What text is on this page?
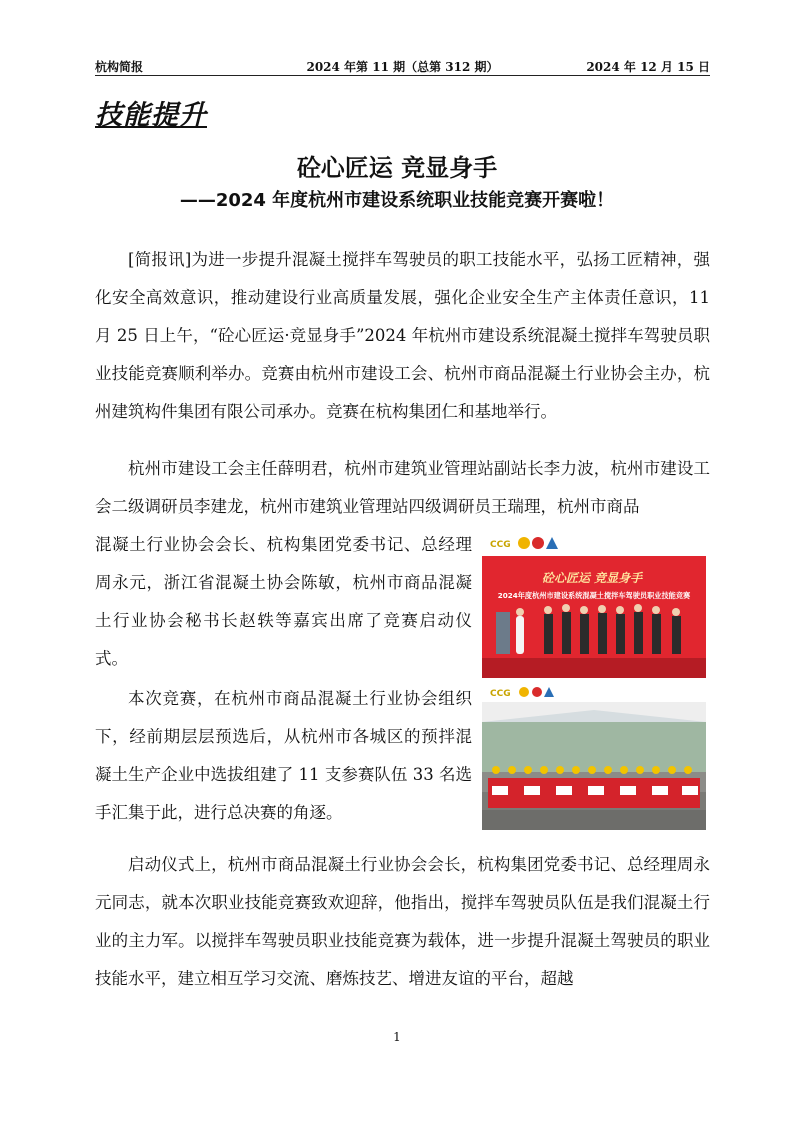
杭构简报	2024 年第 11 期（总第 312 期）	2024 年 12 月 15 日
技能提升
砼心匠运 竞显身手
——2024 年度杭州市建设系统职业技能竞赛开赛啦！

[简报讯]为进一步提升混凝土搅拌车驾驶员的职工技能水平，弘扬工匠精神，强化安全高效意识，推动建设行业高质量发展，强化企业安全生产主体责任意识，11 月 25 日上午，“砼心匠运·竞显身手”2024 年杭州市建设系统混凝土搅拌车驾驶员职业技能竞赛顺利举办。竞赛由杭州市建设工会、杭州市商品混凝土行业协会主办，杭州建筑构件集团有限公司承办。竞赛在杭构集团仁和基地举行。

杭州市建设工会主任薛明君，杭州市建筑业管理站副站长李力波，杭州市建设工会二级调研员李建龙，杭州市建筑业管理站四级调研员王瑞理，杭州市商品

混凝土行业协会会长、杭构集团党委书记、总经理周永元，浙江省混凝土协会陈敏，杭州市商品混凝土行业协会秘书长赵轶等嘉宾出席了竞赛启动仪式。

CCG
砼心匠运 竞显身手
2024年度杭州市建设系统混凝土搅拌车驾驶员职业技能竞赛

本次竞赛，在杭州市商品混凝土行业协会组织下，经前期层层预选后，从杭州市各城区的预拌混凝土生产企业中选拔组建了 11 支参赛队伍 33 名选手汇集于此，进行总决赛的角逐。

CCG

启动仪式上，杭州市商品混凝土行业协会会长，杭构集团党委书记、总经理周永元同志，就本次职业技能竞赛致欢迎辞，他指出，搅拌车驾驶员队伍是我们混凝土行业的主力军。以搅拌车驾驶员职业技能竞赛为载体，进一步提升混凝土驾驶员的职业技能水平，建立相互学习交流、磨炼技艺、增进友谊的平台，超越

1
